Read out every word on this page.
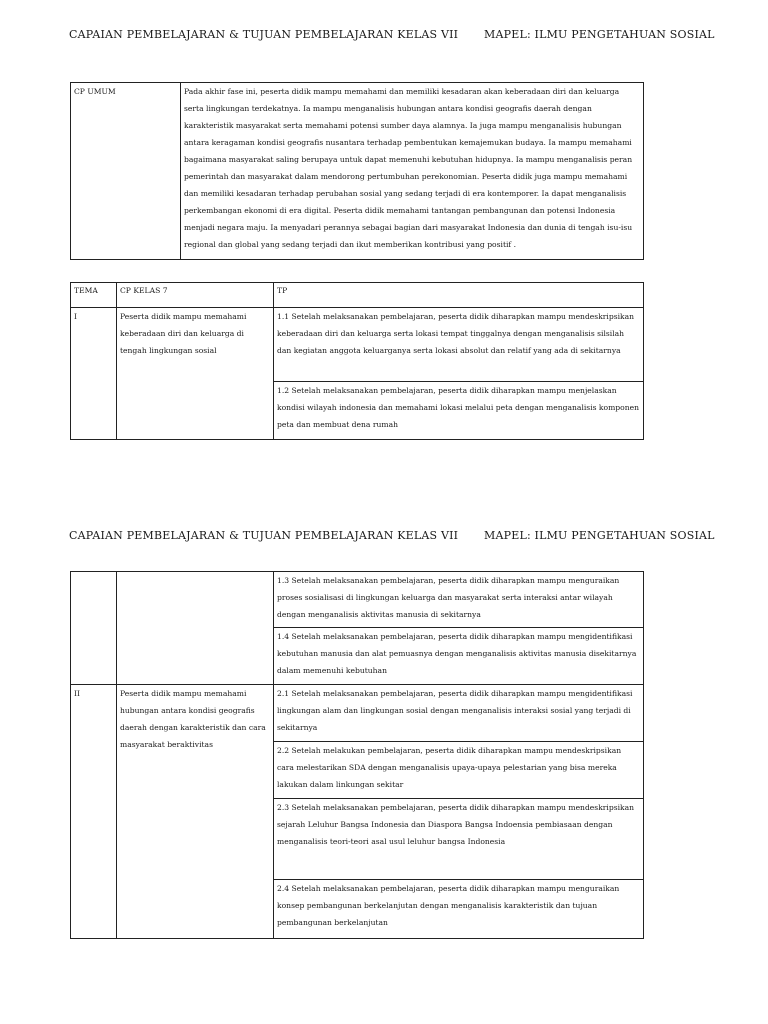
CAPAIAN PEMBELAJARAN & TUJUAN PEMBELAJARAN KELAS VII MAPEL: ILMU PENGETAHUAN SOSIAL
CP UMUM	Pada akhir fase ini, peserta didik mampu memahami dan memiliki kesadaran akan keberadaan diri dan keluarga serta lingkungan terdekatnya. Ia mampu menganalisis hubungan antara kondisi geografis daerah dengan karakteristik masyarakat serta memahami potensi sumber daya alamnya. Ia juga mampu menganalisis hubungan antara keragaman kondisi geografis nusantara terhadap pembentukan kemajemukan budaya. Ia mampu memahami bagaimana masyarakat saling berupaya untuk dapat memenuhi kebutuhan hidupnya. Ia mampu menganalisis peran pemerintah dan masyarakat dalam mendorong pertumbuhan perekonomian. Peserta didik juga mampu memahami dan memiliki kesadaran terhadap perubahan sosial yang sedang terjadi di era kontemporer. Ia dapat menganalisis perkembangan ekonomi di era digital. Peserta didik memahami tantangan pembangunan dan potensi Indonesia menjadi negara maju. Ia menyadari perannya sebagai bagian dari masyarakat Indonesia dan dunia di tengah isu-isu regional dan global yang sedang terjadi dan ikut memberikan kontribusi yang positif .
TEMA	CP KELAS 7	TP
I	Peserta didik mampu memahami keberadaan diri dan keluarga di tengah lingkungan sosial	1.1 Setelah melaksanakan pembelajaran, peserta didik diharapkan mampu mendeskripsikan keberadaan diri dan keluarga serta lokasi tempat tinggalnya dengan menganalisis silsilah dan kegiatan anggota keluarganya serta lokasi absolut dan relatif yang ada di sekitarnya
		1.2 Setelah melaksanakan pembelajaran, peserta didik diharapkan mampu menjelaskan kondisi wilayah indonesia dan memahami lokasi melalui peta dengan menganalisis komponen peta dan membuat dena rumah
CAPAIAN PEMBELAJARAN & TUJUAN PEMBELAJARAN KELAS VII MAPEL: ILMU PENGETAHUAN SOSIAL
		1.3 Setelah melaksanakan pembelajaran, peserta didik diharapkan mampu menguraikan proses sosialisasi di lingkungan keluarga dan masyarakat serta interaksi antar wilayah dengan menganalisis aktivitas manusia di sekitarnya
		1.4 Setelah melaksanakan pembelajaran, peserta didik diharapkan mampu mengidentifikasi kebutuhan manusia dan alat pemuasnya dengan menganalisis aktivitas manusia disekitarnya dalam memenuhi kebutuhan
II	Peserta didik mampu memahami hubungan antara kondisi geografis daerah dengan karakteristik dan cara masyarakat beraktivitas	2.1 Setelah melaksanakan pembelajaran, peserta didik diharapkan mampu mengidentifikasi lingkungan alam dan lingkungan sosial dengan menganalisis interaksi sosial yang terjadi di sekitarnya
		2.2 Setelah melakukan pembelajaran, peserta didik diharapkan mampu mendeskripsikan cara melestarikan SDA dengan menganalisis upaya-upaya pelestarian yang bisa mereka lakukan dalam linkungan sekitar
		2.3 Setelah melaksanakan pembelajaran, peserta didik diharapkan mampu mendeskripsikan sejarah Leluhur Bangsa Indonesia dan Diaspora Bangsa Indoensia pembiasaan dengan menganalisis teori-teori asal usul leluhur bangsa Indonesia
		2.4 Setelah melaksanakan pembelajaran, peserta didik diharapkan mampu menguraikan konsep pembangunan berkelanjutan dengan menganalisis karakteristik dan tujuan pembangunan berkelanjutan
